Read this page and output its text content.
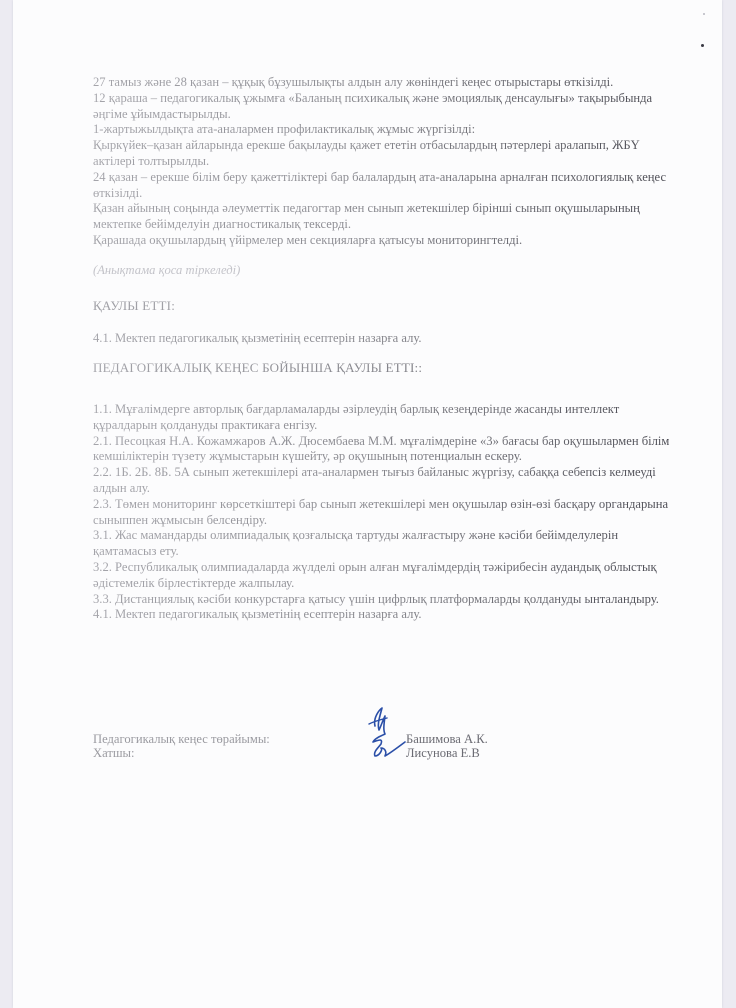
27 тамыз және 28 қазан – құқық бұзушылықты алдын алу жөніндегі кеңес отырыстары өткізілді.

12 қараша – педагогикалық ұжымға «Баланың психикалық және эмоциялық денсаулығы» тақырыбында әңгіме ұйымдастырылды.

1-жартыжылдықта ата-аналармен профилактикалық жұмыс жүргізілді:

Қыркүйек–қазан айларында ерекше бақылауды қажет ететін отбасылардың пәтерлері аралапып, ЖБҮ актілері толтырылды.

24 қазан – ерекше білім беру қажеттіліктері бар балалардың ата-аналарына арналған психологиялық кеңес өткізілді.

Қазан айының соңында әлеуметтік педагогтар мен сынып жетекшілер бірінші сынып оқушыларының мектепке бейімделуін диагностикалық тексерді.

Қарашада оқушылардың үйірмелер мен секцияларға қатысуы мониторингтелді.

(Анықтама қоса тіркеледі)

ҚАУЛЫ ЕТТІ:

4.1. Мектеп педагогикалық қызметінің есептерін назарға алу.

ПЕДАГОГИКАЛЫҚ КЕҢЕС БОЙЫНША ҚАУЛЫ ЕТТІ::

1.1. Мұғалімдерге авторлық бағдарламаларды әзірлеудің барлық кезеңдерінде жасанды интеллект құралдарын қолдануды практикаға енгізу.

2.1. Песоцкая Н.А. Кожамжаров А.Ж. Дюсембаева М.М. мұғалімдеріне «3» бағасы бар оқушылармен білім кемшіліктерін түзету жұмыстарын күшейту, әр оқушының потенциалын ескеру.

2.2. 1Б. 2Б. 8Б. 5А сынып жетекшілері ата-аналармен тығыз байланыс жүргізу, сабаққа себепсіз келмеуді алдын алу.

2.3. Төмен мониторинг көрсеткіштері бар сынып жетекшілері мен оқушылар өзін-өзі басқару органдарына сыныппен жұмысын белсендіру.

3.1. Жас мамандарды олимпиадалық қозғалысқа тартуды жалғастыру және кәсіби бейімделулерін қамтамасыз ету.

3.2. Республикалық олимпиадаларда жүлделі орын алған мұғалімдердің тәжірибесін аудандық облыстық әдістемелік бірлестіктерде жалпылау.

3.3. Дистанциялық кәсіби конкурстарға қатысу үшін цифрлық платформаларды қолдануды ынталандыру.

4.1. Мектеп педагогикалық қызметінің есептерін назарға алу.

Педагогикалық кеңес төрайымы:
Хатшы:
Башимова А.К.
Лисунова Е.В
